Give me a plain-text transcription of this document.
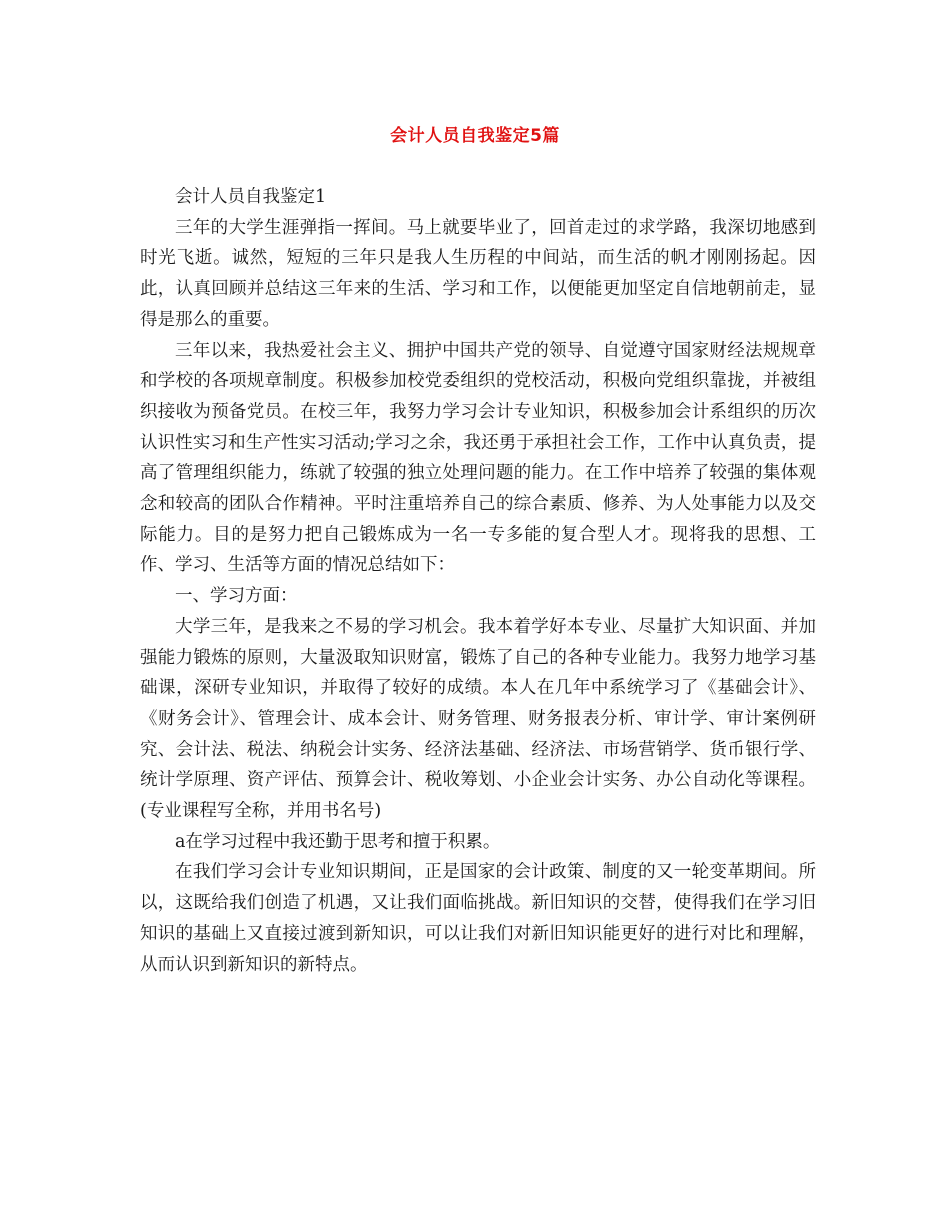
会计人员自我鉴定5篇

会计人员自我鉴定1

三年的大学生涯弹指一挥间。马上就要毕业了，回首走过的求学路，我深切地感到时光飞逝。诚然，短短的三年只是我人生历程的中间站，而生活的帆才刚刚扬起。因此，认真回顾并总结这三年来的生活、学习和工作，以便能更加坚定自信地朝前走，显得是那么的重要。

三年以来，我热爱社会主义、拥护中国共产党的领导、自觉遵守国家财经法规规章和学校的各项规章制度。积极参加校党委组织的党校活动，积极向党组织靠拢，并被组织接收为预备党员。在校三年，我努力学习会计专业知识，积极参加会计系组织的历次认识性实习和生产性实习活动;学习之余，我还勇于承担社会工作，工作中认真负责，提高了管理组织能力，练就了较强的独立处理问题的能力。在工作中培养了较强的集体观念和较高的团队合作精神。平时注重培养自己的综合素质、修养、为人处事能力以及交际能力。目的是努力把自己锻炼成为一名一专多能的复合型人才。现将我的思想、工作、学习、生活等方面的情况总结如下：

一、学习方面：

大学三年，是我来之不易的学习机会。我本着学好本专业、尽量扩大知识面、并加强能力锻炼的原则，大量汲取知识财富，锻炼了自己的各种专业能力。我努力地学习基础课，深研专业知识，并取得了较好的成绩。本人在几年中系统学习了《基础会计》、《财务会计》、管理会计、成本会计、财务管理、财务报表分析、审计学、审计案例研究、会计法、税法、纳税会计实务、经济法基础、经济法、市场营销学、货币银行学、统计学原理、资产评估、预算会计、税收筹划、小企业会计实务、办公自动化等课程。(专业课程写全称，并用书名号)

a在学习过程中我还勤于思考和擅于积累。

在我们学习会计专业知识期间，正是国家的会计政策、制度的又一轮变革期间。所以，这既给我们创造了机遇，又让我们面临挑战。新旧知识的交替，使得我们在学习旧知识的基础上又直接过渡到新知识，可以让我们对新旧知识能更好的进行对比和理解，从而认识到新知识的新特点。
